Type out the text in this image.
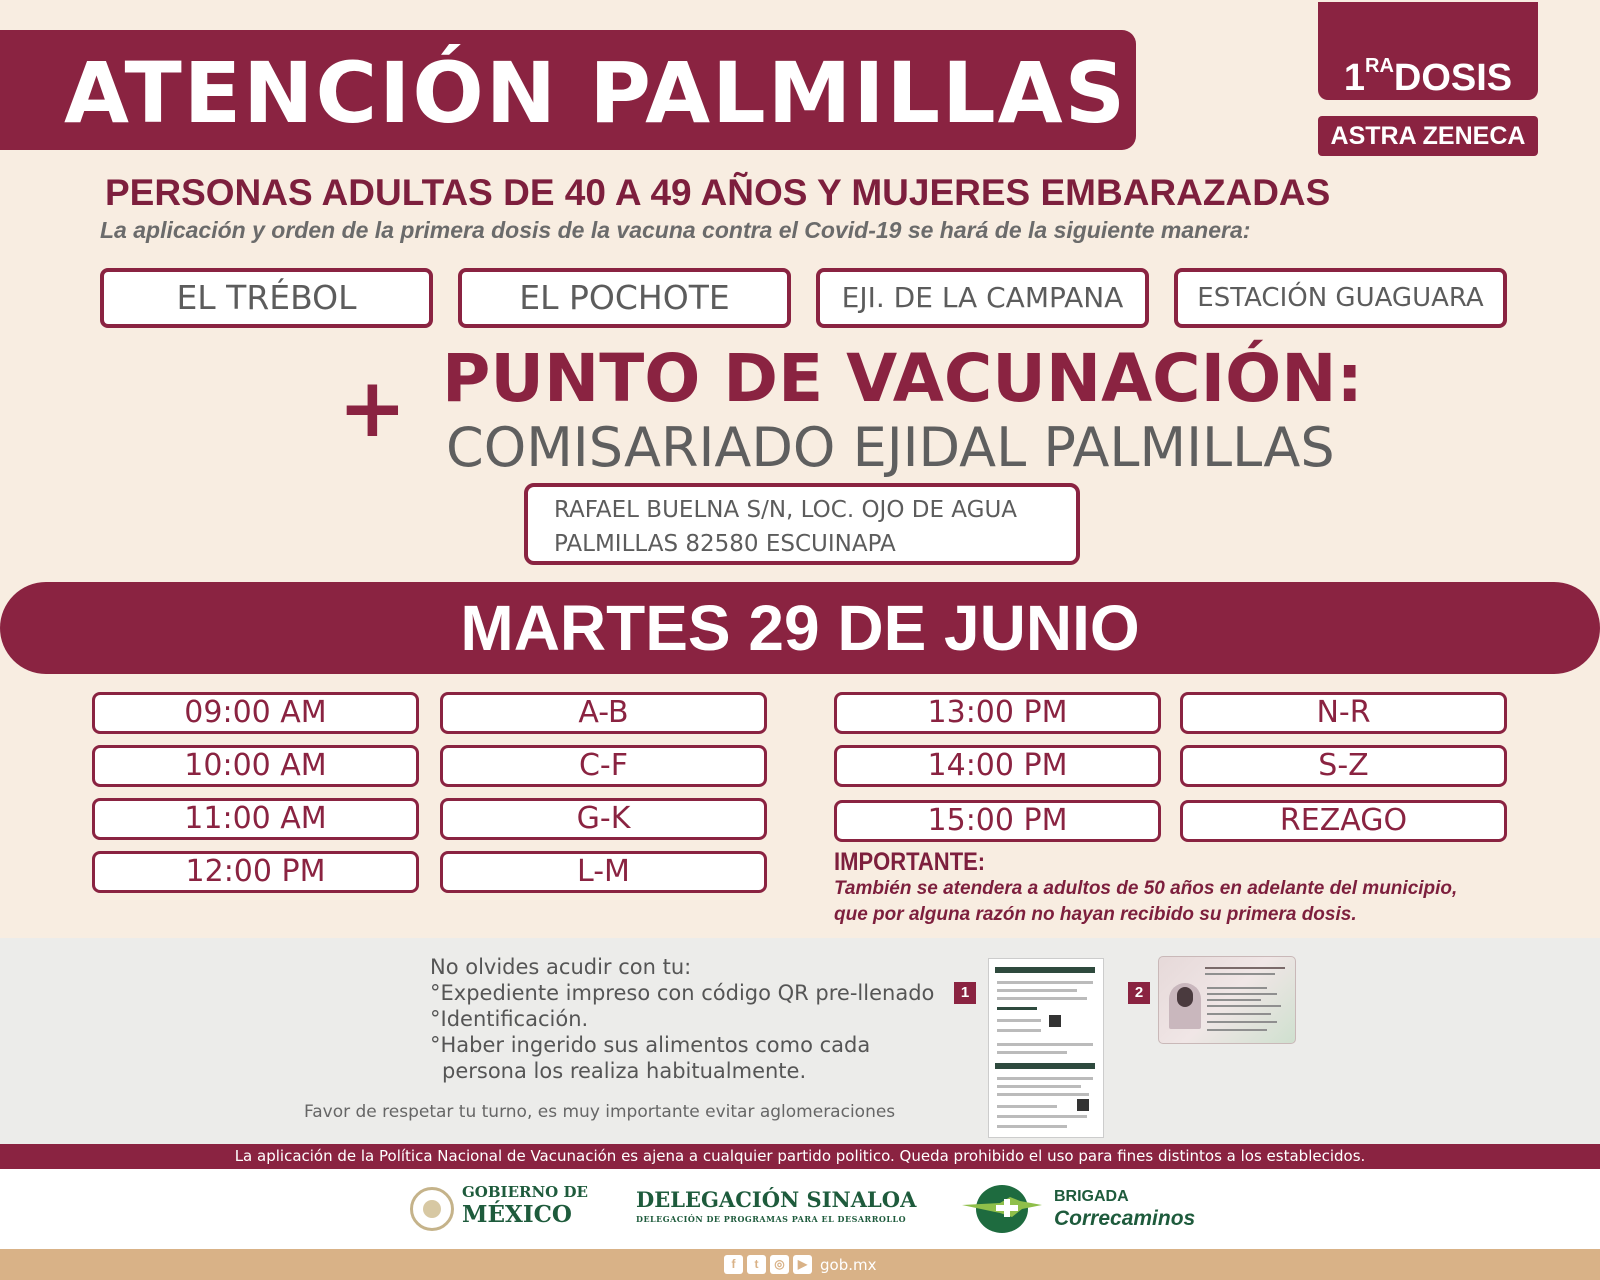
ATENCIÓN PALMILLAS	$1^{RA}DOSIS$
ASTRA ZENECA
PERSONAS ADULTAS DE 40 A 49 AÑOS Y MUJERES EMBARAZADAS
La aplicación y orden de la primera dosis de la vacuna contra el Covid-19 se hará de la siguiente manera:
EL TRÉBOL	EL POCHOTE	EJI. DE LA CAMPANA	ESTACIÓN GUAGUARA
+ PUNTO DE VACUNACIÓN:
COMISARIADO EJIDAL PALMILLAS
RAFAEL BUELNA S/N, LOC. OJO DE AGUA
PALMILLAS 82580 ESCUINAPA
MARTES 29 DE JUNIO
09:00 AM	A-B
10:00 AM	C-F
11:00 AM	G-K
12:00 PM	L-M
13:00 PM	N-R
14:00 PM	S-Z
15:00 PM	REZAGO
IMPORTANTE:
También se atendera a adultos de 50 años en adelante del municipio,
que por alguna razón no hayan recibido su primera dosis.
No olvides acudir con tu:
°Expediente impreso con código QR pre-llenado
°Identificación.
°Haber ingerido sus alimentos como cada
persona los realiza habitualmente.
Favor de respetar tu turno, es muy importante evitar aglomeraciones
1	2
La aplicación de la Política Nacional de Vacunación es ajena a cualquier partido politico. Queda prohibido el uso para fines distintos a los establecidos.
GOBIERNO DE
MÉXICO
DELEGACIÓN SINALOA
DELEGACIÓN DE PROGRAMAS PARA EL DESARROLLO
BRIGADA
Correcaminos
f	t	◎	▶ gob.mx
